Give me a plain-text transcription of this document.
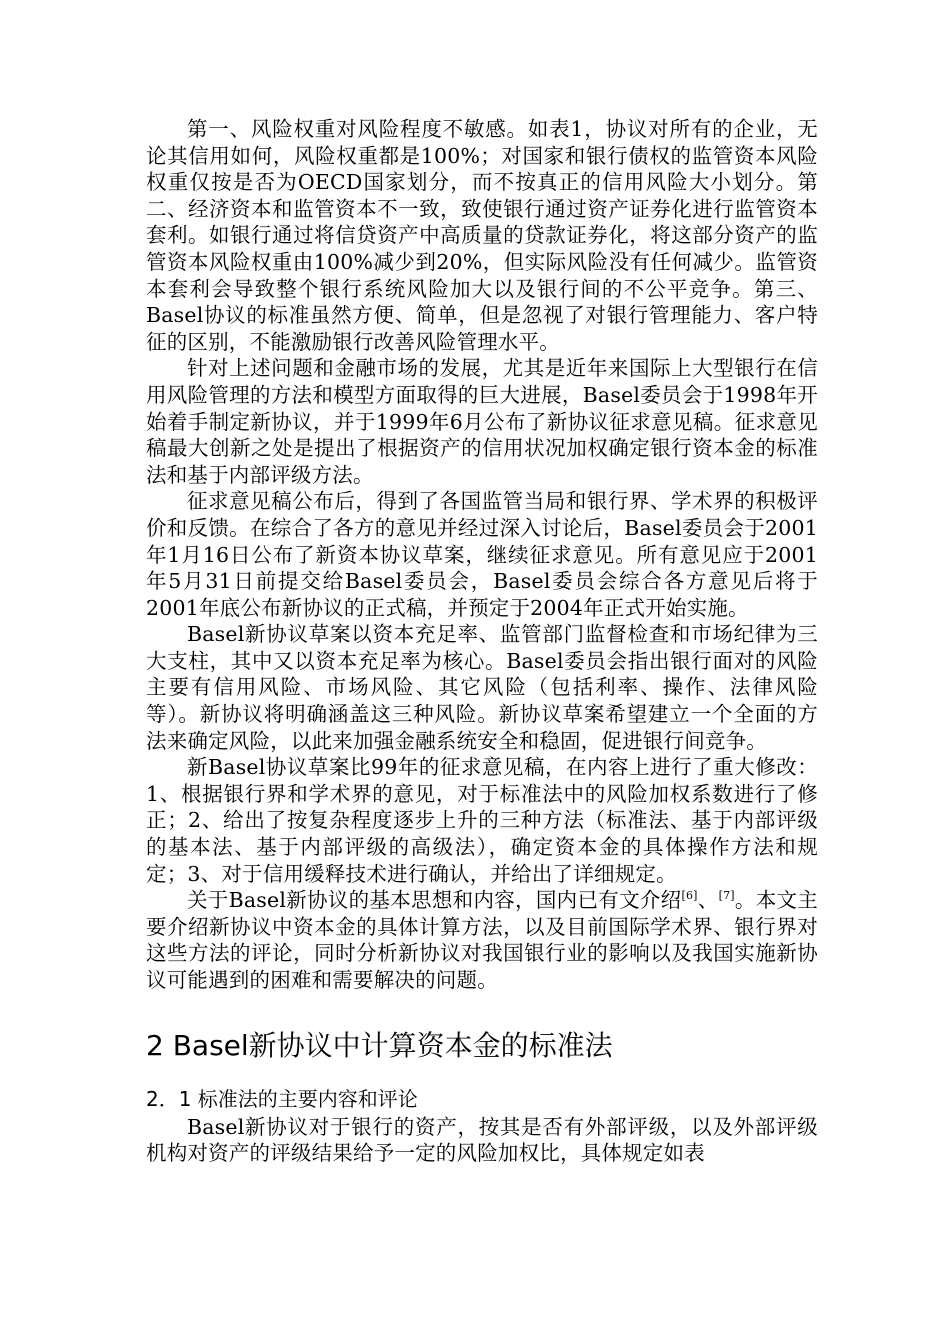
第一、风险权重对风险程度不敏感。如表1，协议对所有的企业，无论其信用如何，风险权重都是100%；对国家和银行债权的监管资本风险权重仅按是否为OECD国家划分，而不按真正的信用风险大小划分。第二、经济资本和监管资本不一致，致使银行通过资产证券化进行监管资本套利。如银行通过将信贷资产中高质量的贷款证券化，将这部分资产的监管资本风险权重由100%减少到20%，但实际风险没有任何减少。监管资本套利会导致整个银行系统风险加大以及银行间的不公平竞争。第三、Basel协议的标准虽然方便、简单，但是忽视了对银行管理能力、客户特征的区别，不能激励银行改善风险管理水平。

针对上述问题和金融市场的发展，尤其是近年来国际上大型银行在信用风险管理的方法和模型方面取得的巨大进展，Basel委员会于1998年开始着手制定新协议，并于1999年6月公布了新协议征求意见稿。征求意见稿最大创新之处是提出了根据资产的信用状况加权确定银行资本金的标准法和基于内部评级方法。

征求意见稿公布后，得到了各国监管当局和银行界、学术界的积极评价和反馈。在综合了各方的意见并经过深入讨论后，Basel委员会于2001年1月16日公布了新资本协议草案，继续征求意见。所有意见应于2001年5月31日前提交给Basel委员会，Basel委员会综合各方意见后将于2001年底公布新协议的正式稿，并预定于2004年正式开始实施。

Basel新协议草案以资本充足率、监管部门监督检查和市场纪律为三大支柱，其中又以资本充足率为核心。Basel委员会指出银行面对的风险主要有信用风险、市场风险、其它风险（包括利率、操作、法律风险等）。新协议将明确涵盖这三种风险。新协议草案希望建立一个全面的方法来确定风险，以此来加强金融系统安全和稳固，促进银行间竞争。

新Basel协议草案比99年的征求意见稿，在内容上进行了重大修改：1、根据银行界和学术界的意见，对于标准法中的风险加权系数进行了修正；2、给出了按复杂程度逐步上升的三种方法（标准法、基于内部评级的基本法、基于内部评级的高级法），确定资本金的具体操作方法和规定；3、对于信用缓释技术进行确认，并给出了详细规定。

关于Basel新协议的基本思想和内容，国内已有文介绍[6]、[7]。本文主要介绍新协议中资本金的具体计算方法，以及目前国际学术界、银行界对这些方法的评论，同时分析新协议对我国银行业的影响以及我国实施新协议可能遇到的困难和需要解决的问题。

2 Basel新协议中计算资本金的标准法
2．1 标准法的主要内容和评论

Basel新协议对于银行的资产，按其是否有外部评级，以及外部评级机构对资产的评级结果给予一定的风险加权比，具体规定如表
